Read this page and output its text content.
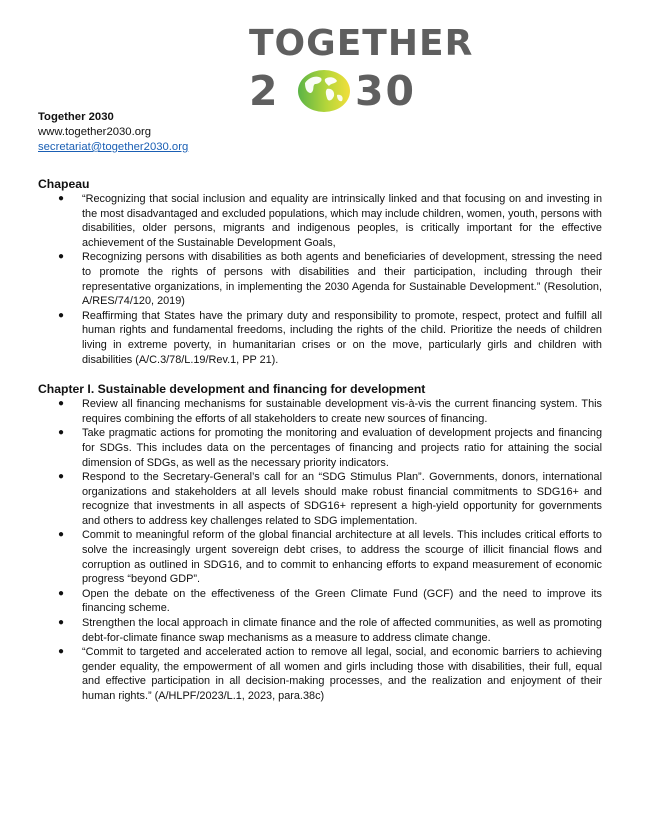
TOGETHER
2 30
Together 2030
www.together2030.org
secretariat@together2030.org
Chapeau
● “Recognizing that social inclusion and equality are intrinsically linked and that focusing on and investing in the most disadvantaged and excluded populations, which may include children, women, youth, persons with disabilities, older persons, migrants and indigenous peoples, is critically important for the effective achievement of the Sustainable Development Goals,
● Recognizing persons with disabilities as both agents and beneficiaries of development, stressing the need to promote the rights of persons with disabilities and their participation, including through their representative organizations, in implementing the 2030 Agenda for Sustainable Development.” (Resolution, A/RES/74/120, 2019)
● Reaffirming that States have the primary duty and responsibility to promote, respect, protect and fulfill all human rights and fundamental freedoms, including the rights of the child. Prioritize the needs of children living in extreme poverty, in humanitarian crises or on the move, particularly girls and children with disabilities (A/C.3/78/L.19/Rev.1, PP 21).
Chapter I. Sustainable development and financing for development
● Review all financing mechanisms for sustainable development vis-à-vis the current financing system. This requires combining the efforts of all stakeholders to create new sources of financing.
● Take pragmatic actions for promoting the monitoring and evaluation of development projects and financing for SDGs. This includes data on the percentages of financing and projects ratio for attaining the social dimension of SDGs, as well as the necessary priority indicators.
● Respond to the Secretary-General’s call for an “SDG Stimulus Plan”. Governments, donors, international organizations and stakeholders at all levels should make robust financial commitments to SDG16+ and recognize that investments in all aspects of SDG16+ represent a high-yield opportunity for governments and others to address key challenges related to SDG implementation.
● Commit to meaningful reform of the global financial architecture at all levels. This includes critical efforts to solve the increasingly urgent sovereign debt crises, to address the scourge of illicit financial flows and corruption as outlined in SDG16, and to commit to enhancing efforts to expand measurement of economic progress “beyond GDP”.
● Open the debate on the effectiveness of the Green Climate Fund (GCF) and the need to improve its financing scheme.
● Strengthen the local approach in climate finance and the role of affected communities, as well as promoting debt-for-climate finance swap mechanisms as a measure to address climate change.
● “Commit to targeted and accelerated action to remove all legal, social, and economic barriers to achieving gender equality, the empowerment of all women and girls including those with disabilities, their full, equal and effective participation in all decision-making processes, and the realization and enjoyment of their human rights.” (A/HLPF/2023/L.1, 2023, para.38c)
